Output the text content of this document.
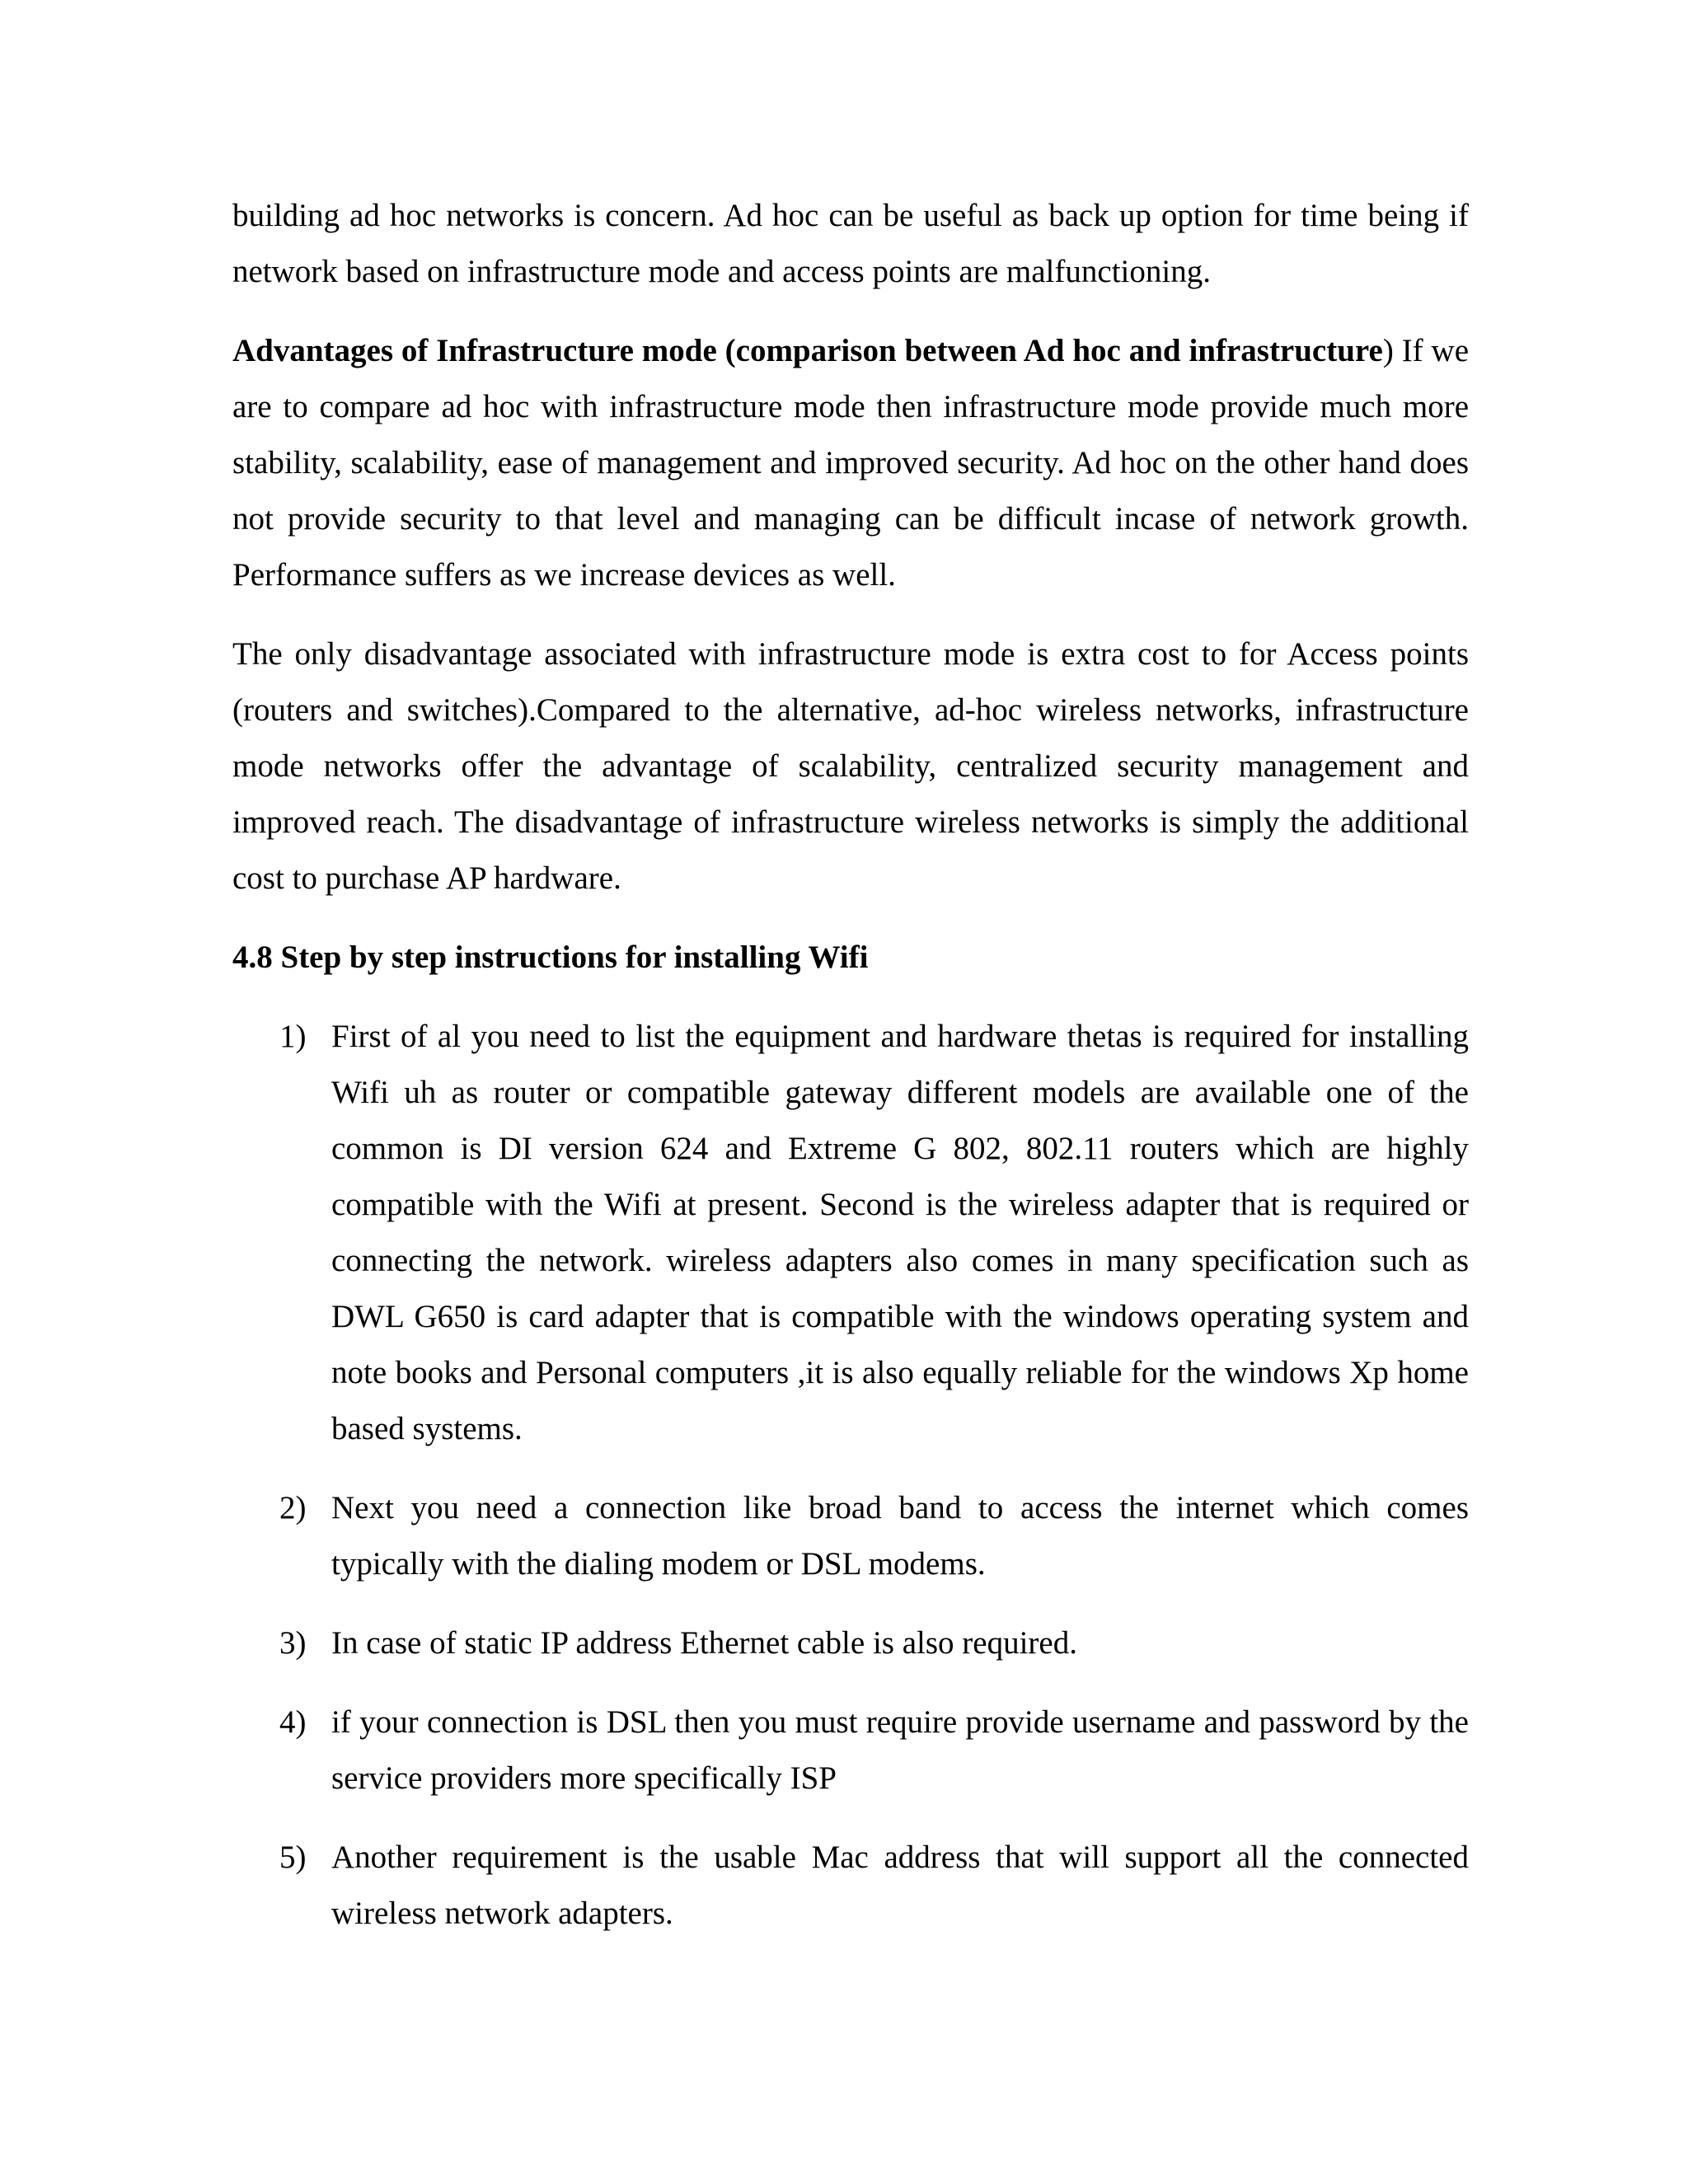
building ad hoc networks is concern. Ad hoc can be useful as back up option for time being if network based on infrastructure mode and access points are malfunctioning.

Advantages of Infrastructure mode (comparison between Ad hoc and infrastructure) If we are to compare ad hoc with infrastructure mode then infrastructure mode provide much more stability, scalability, ease of management and improved security. Ad hoc on the other hand does not provide security to that level and managing can be difficult incase of network growth. Performance suffers as we increase devices as well.

The only disadvantage associated with infrastructure mode is extra cost to for Access points (routers and switches).Compared to the alternative, ad-hoc wireless networks, infrastructure mode networks offer the advantage of scalability, centralized security management and improved reach. The disadvantage of infrastructure wireless networks is simply the additional cost to purchase AP hardware.

4.8 Step by step instructions for installing Wifi
1) First of al you need to list the equipment and hardware thetas is required for installing Wifi uh as router or compatible gateway different models are available one of the common is DI version 624 and Extreme G 802, 802.11 routers which are highly compatible with the Wifi at present. Second is the wireless adapter that is required or connecting the network. wireless adapters also comes in many specification such as DWL G650 is card adapter that is compatible with the windows operating system and note books and Personal computers ,it is also equally reliable for the windows Xp home based systems.
2) Next you need a connection like broad band to access the internet which comes typically with the dialing modem or DSL modems.
3) In case of static IP address Ethernet cable is also required.
4) if your connection is DSL then you must require provide username and password by the service providers more specifically ISP
5) Another requirement is the usable Mac address that will support all the connected wireless network adapters.
